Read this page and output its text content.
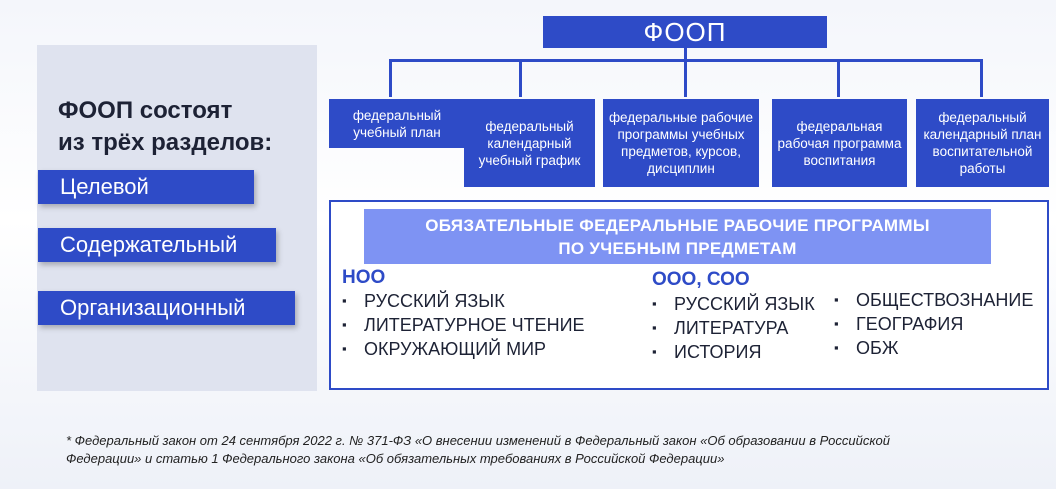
ФООП состоят
из трёх разделов:
Целевой
Содержательный
Организационный
ФООП
федеральный учебный план	федеральный календарный учебный график
федеральные рабочие программы учебных предметов, курсов, дисциплин
федеральная рабочая программа воспитания
федеральный календарный план воспитательной работы
ОБЯЗАТЕЛЬНЫЕ ФЕДЕРАЛЬНЫЕ РАБОЧИЕ ПРОГРАММЫ
ПО УЧЕБНЫМ ПРЕДМЕТАМ
НОО
▪ РУССКИЙ ЯЗЫК
▪ ЛИТЕРАТУРНОЕ ЧТЕНИЕ
▪ ОКРУЖАЮЩИЙ МИР
ООО, СОО
▪ РУССКИЙ ЯЗЫК
▪ ЛИТЕРАТУРА
▪ ИСТОРИЯ
▪ ОБЩЕСТВОЗНАНИЕ
▪ ГЕОГРАФИЯ
▪ ОБЖ
* Федеральный закон от 24 сентября 2022 г. № 371-ФЗ «О внесении изменений в Федеральный закон «Об образовании в Российской
Федерации» и статью 1 Федерального закона «Об обязательных требованиях в Российской Федерации»
